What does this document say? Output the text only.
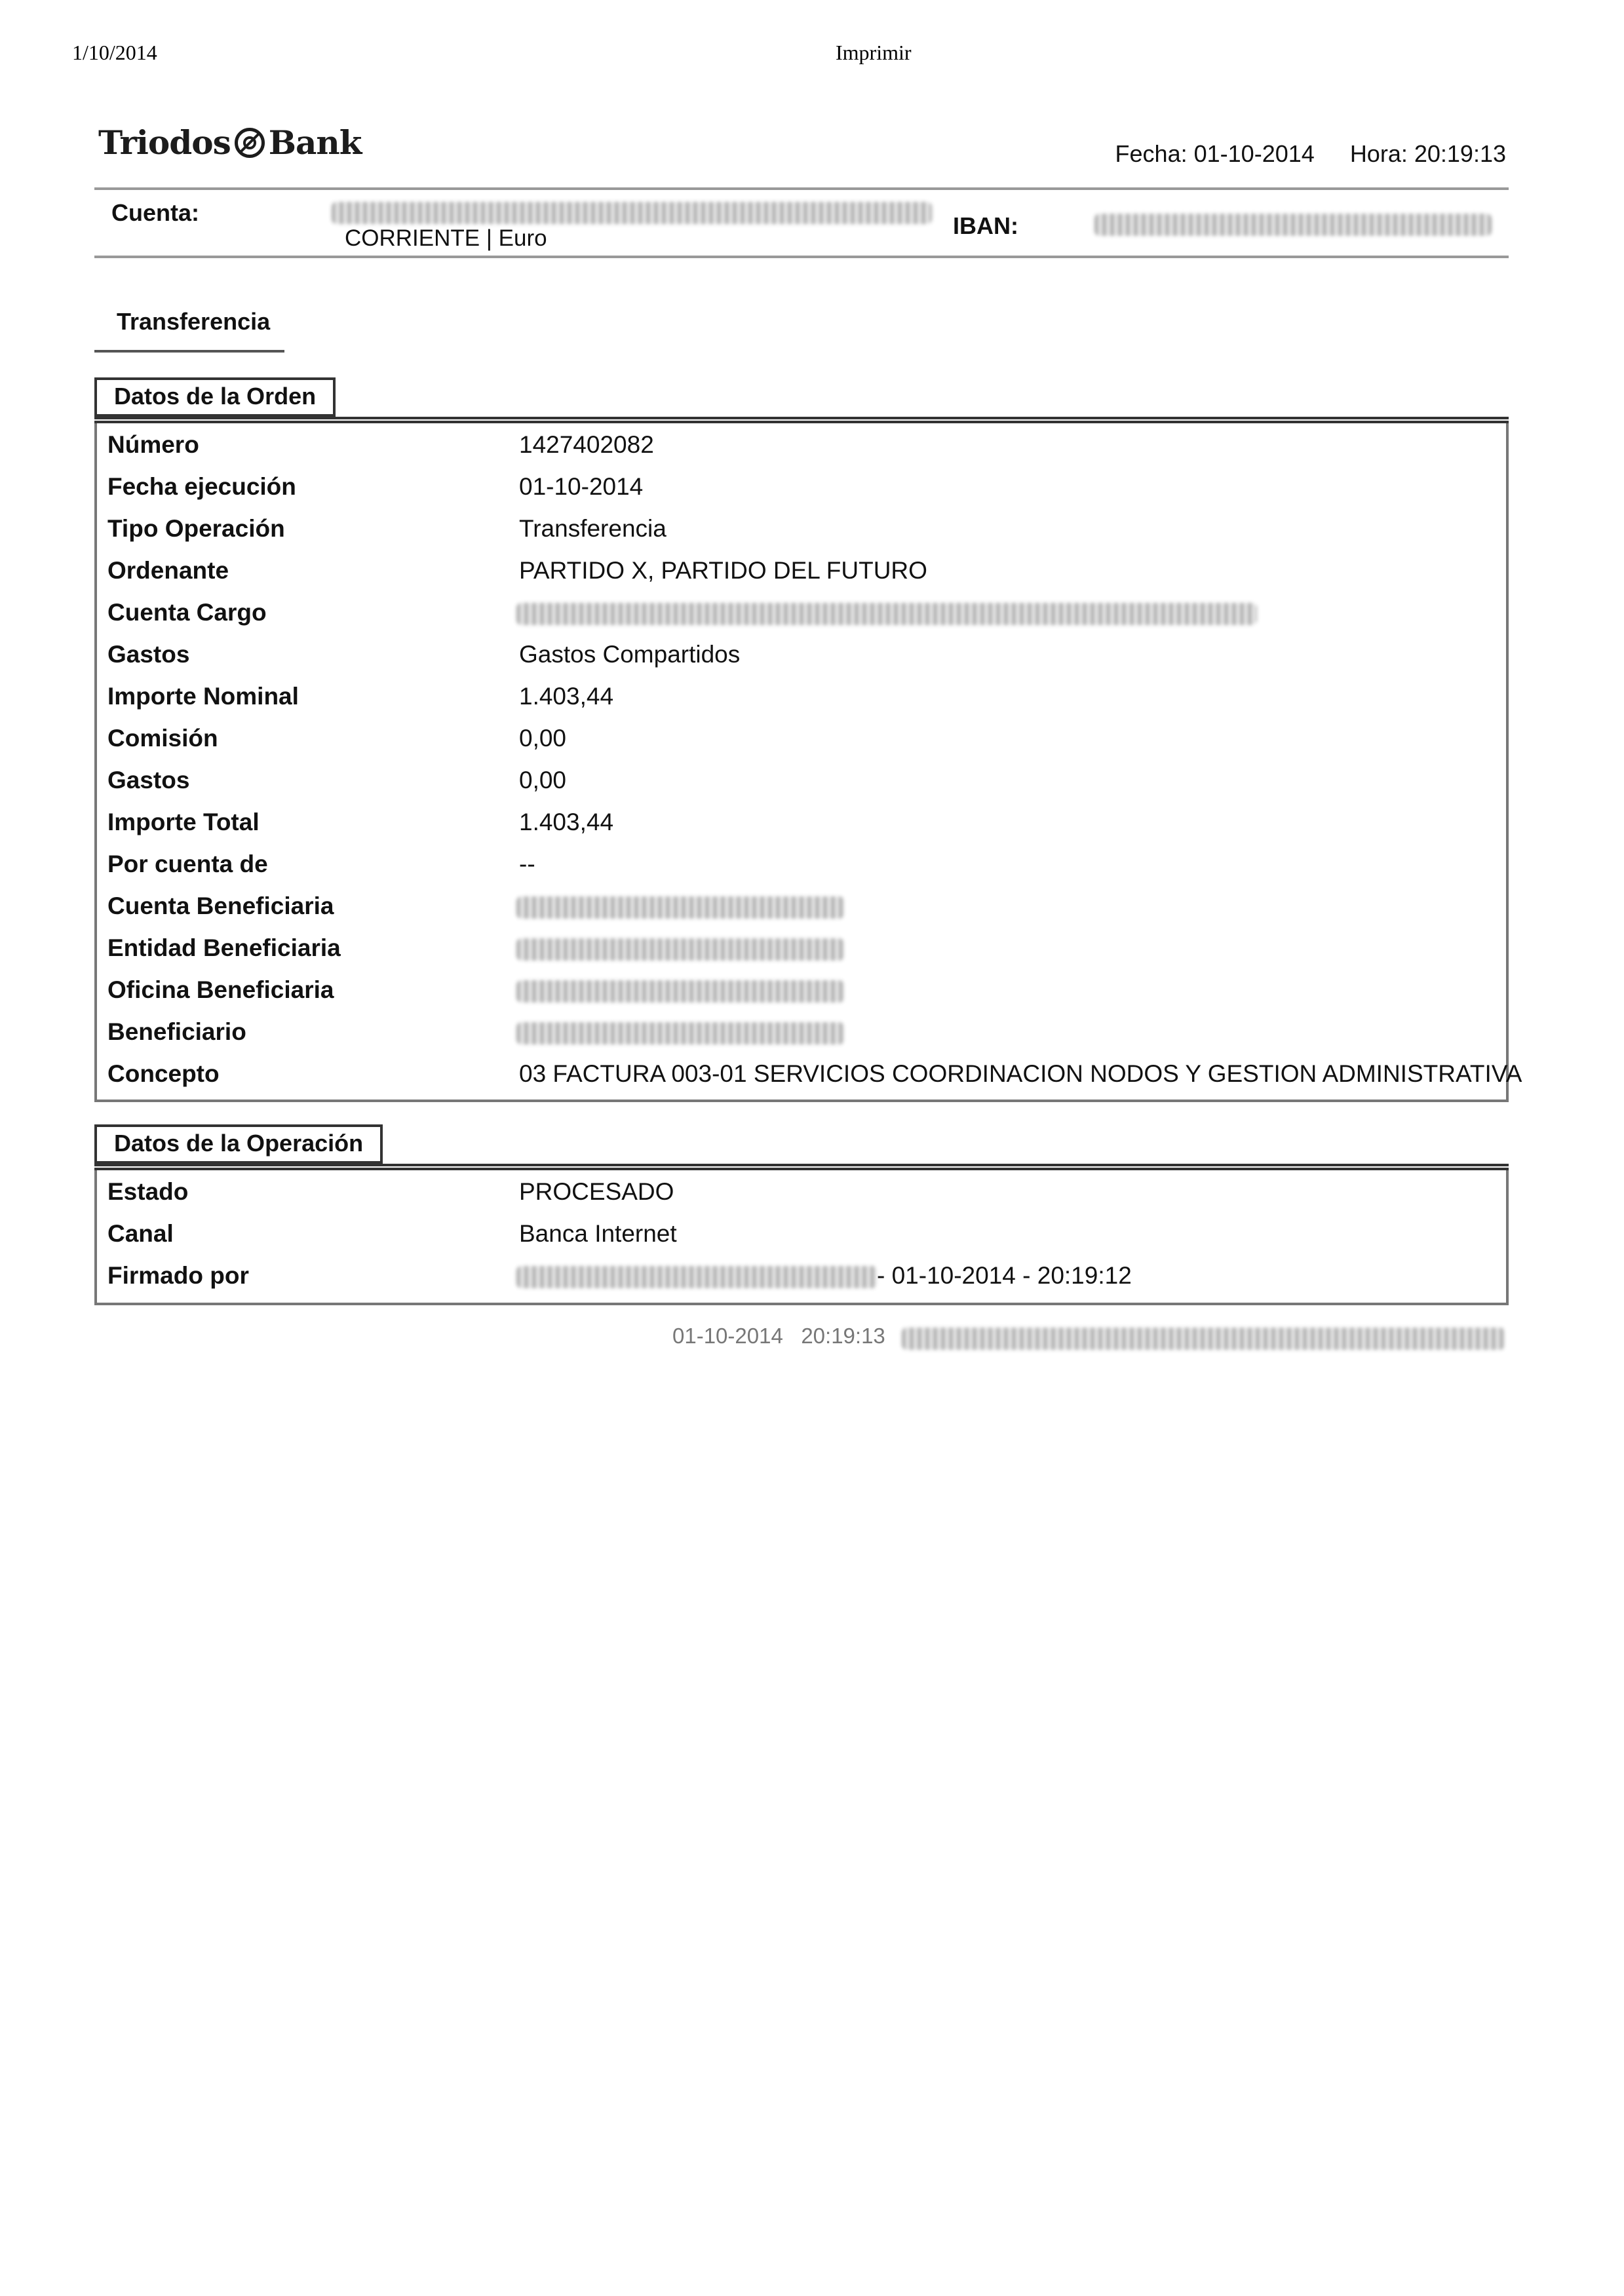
1/10/2014	Imprimir
Triodos Bank	Fecha: 01-10-2014 Hora: 20:19:13
Cuenta:
CORRIENTE | Euro	IBAN:
Transferencia
Datos de la Orden
Número	1427402082
Fecha ejecución	01-10-2014
Tipo Operación	Transferencia
Ordenante	PARTIDO X, PARTIDO DEL FUTURO
Cuenta Cargo
Gastos	Gastos Compartidos
Importe Nominal	1.403,44
Comisión	0,00
Gastos	0,00
Importe Total	1.403,44
Por cuenta de	--
Cuenta Beneficiaria
Entidad Beneficiaria
Oficina Beneficiaria
Beneficiario
Concepto	03 FACTURA 003-01 SERVICIOS COORDINACION NODOS Y GESTION ADMINISTRATIVA
Datos de la Operación
Estado	PROCESADO
Canal	Banca Internet
Firmado por	- 01-10-2014 - 20:19:12
01-10-2014 20:19:13
